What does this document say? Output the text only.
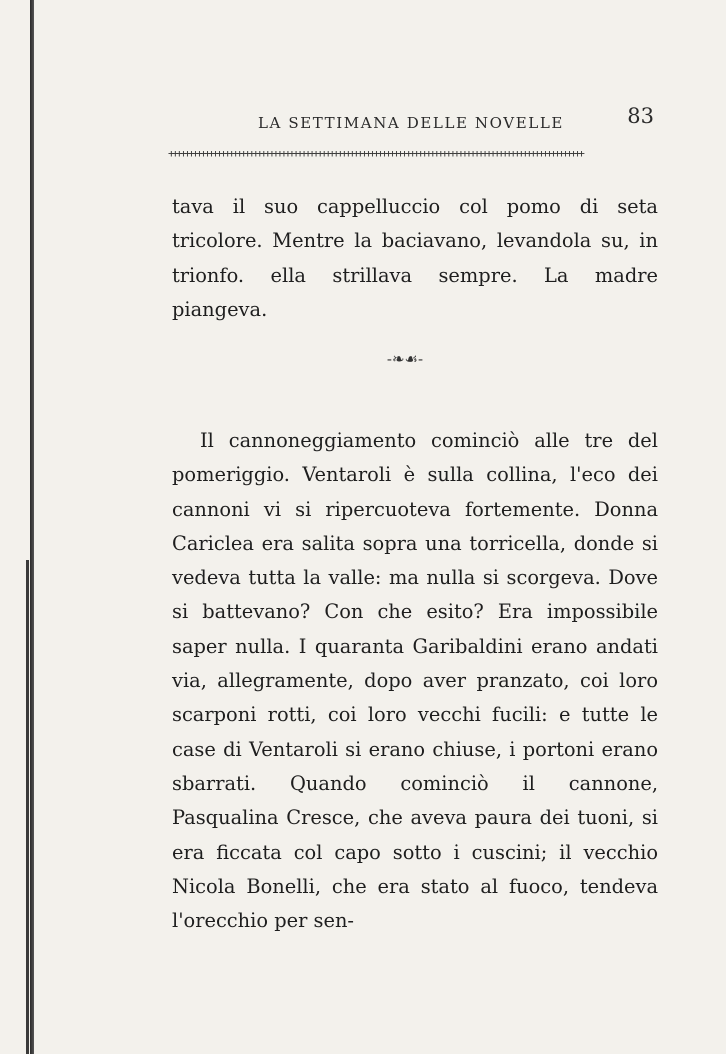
LA SETTIMANA DELLE NOVELLE	83
+++++++++++++++++++++++++++++++++++++++++++++++++++++++++++++++++++++++++++++++++++++++++++++++++++++++

tava il suo cappelluccio col pomo di seta tricolore. Mentre la baciavano, levandola su, in trionfo. ella strillava sempre. La madre piangeva.

-❧☙-

Il cannoneggiamento cominciò alle tre del pomeriggio. Ventaroli è sulla collina, l'eco dei cannoni vi si ripercuoteva fortemente. Donna Cariclea era salita sopra una torricella, donde si vedeva tutta la valle: ma nulla si scorgeva. Dove si battevano? Con che esito? Era impossibile saper nulla. I quaranta Garibaldini erano andati via, allegramente, dopo aver pranzato, coi loro scarponi rotti, coi loro vecchi fucili: e tutte le case di Ventaroli si erano chiuse, i portoni erano sbarrati. Quando cominciò il cannone, Pasqualina Cresce, che aveva paura dei tuoni, si era ficcata col capo sotto i cuscini; il vecchio Nicola Bonelli, che era stato al fuoco, tendeva l'orecchio per sen-
